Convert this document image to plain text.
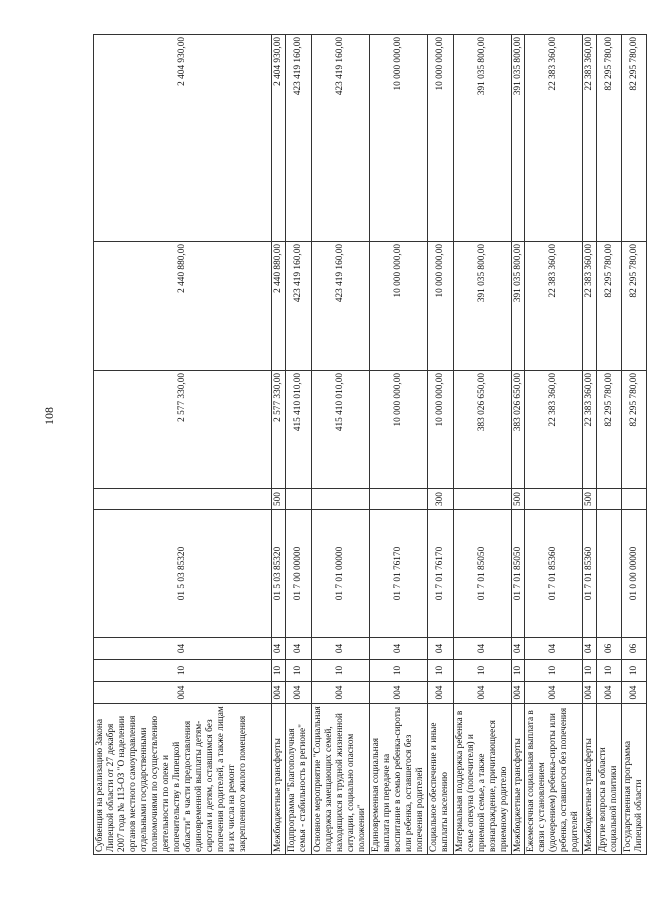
108
Субвенция на реализацию Закона Липецкой области от 27 декабря 2007 года № 113-ОЗ "О наделении органов местного самоуправления отдельными государственными полномочиями по осуществлению деятельности по опеке и попечительству в Липецкой области" в части предоставления единовременной выплаты детям-сиротам и детям, оставшимся без попечения родителей, а также лицам из их числа на ремонт закрепленного жилого помещения	004	10	04	01 5 03 85320		2 577 330,00	2 440 880,00	2 404 930,00
Межбюджетные трансферты	004	10	04	01 5 03 85320	500	2 577 330,00	2 440 880,00	2 404 930,00
Подпрограмма "Благополучная семья - стабильность в регионе"	004	10	04	01 7 00 00000		415 410 010,00	423 419 160,00	423 419 160,00
Основное мероприятие "Социальная поддержка замещающих семей, находящихся в трудной жизненной ситуации, социально опасном положении"	004	10	04	01 7 01 00000		415 410 010,00	423 419 160,00	423 419 160,00
Единовременная социальная выплата при передаче на воспитание в семью ребенка-сироты или ребенка, оставшегося без попечения родителей	004	10	04	01 7 01 76170		10 000 000,00	10 000 000,00	10 000 000,00
Социальное обеспечение и иные выплаты населению	004	10	04	01 7 01 76170	300	10 000 000,00	10 000 000,00	10 000 000,00
Материальная поддержка ребенка в семье опекуна (попечителя) и приемной семье, а также вознаграждение, причитающееся приемному родителю	004	10	04	01 7 01 85050		383 026 650,00	391 035 800,00	391 035 800,00
Межбюджетные трансферты	004	10	04	01 7 01 85050	500	383 026 650,00	391 035 800,00	391 035 800,00
Ежемесячная социальная выплата в связи с установлением (удочерением) ребенка-сироты или ребенка, оставшегося без попечения родителей	004	10	04	01 7 01 85360		22 383 360,00	22 383 360,00	22 383 360,00
Межбюджетные трансферты	004	10	04	01 7 01 85360	500	22 383 360,00	22 383 360,00	22 383 360,00
Другие вопросы в области социальной политики	004	10	06			82 295 780,00	82 295 780,00	82 295 780,00
Государственная программа Липецкой области	004	10	06	01 0 00 00000		82 295 780,00	82 295 780,00	82 295 780,00
